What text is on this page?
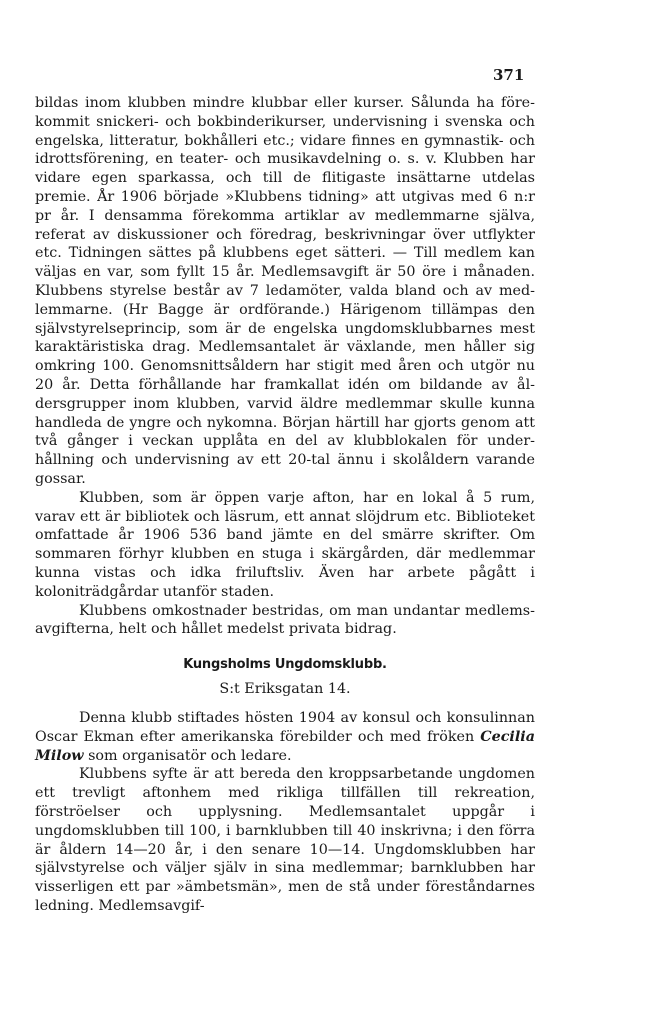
371

bildas inom klubben mindre klubbar eller kurser. Sålunda ha förekommit snickeri- och bokbinderikurser, undervisning i svenska och engelska, litteratur, bokhålleri etc.; vidare finnes en gymnastik- och idrottsförening, en teater- och musikavdelning o. s. v. Klubben har vidare egen sparkassa, och till de flitigaste insättarne utdelas premie. År 1906 började »Klubbens tidning» att utgivas med 6 n:r pr år. I densamma förekomma artiklar av medlemmarne själva, referat av diskussioner och föredrag, beskrivningar över utflykter etc. Tidningen sättes på klubbens eget sätteri. — Till medlem kan väljas en var, som fyllt 15 år. Medlemsavgift är 50 öre i månaden. Klubbens styrelse består av 7 ledamöter, valda bland och av medlemmarne. (Hr Bagge är ordförande.) Härigenom tillämpas den självstyrelseprincip, som är de engelska ungdomsklubbarnes mest karaktäristiska drag. Medlemsantalet är växlande, men håller sig omkring 100. Genomsnittsåldern har stigit med åren och utgör nu 20 år. Detta förhållande har framkallat idén om bildande av åldersgrupper inom klubben, varvid äldre medlemmar skulle kunna handleda de yngre och nykomna. Början härtill har gjorts genom att två gånger i veckan upplåta en del av klubblokalen för underhållning och undervisning av ett 20-tal ännu i skolåldern varande gossar.

Klubben, som är öppen varje afton, har en lokal å 5 rum, varav ett är bibliotek och läsrum, ett annat slöjdrum etc. Biblioteket omfattade år 1906 536 band jämte en del smärre skrifter. Om sommaren förhyr klubben en stuga i skärgården, där medlemmar kunna vistas och idka friluftsliv. Även har arbete pågått i koloniträdgårdar utanför staden.

Klubbens omkostnader bestridas, om man undantar medlemsavgifterna, helt och hållet medelst privata bidrag.

Kungsholms Ungdomsklubb.
S:t Eriksgatan 14.

Denna klubb stiftades hösten 1904 av konsul och konsulinnan Oscar Ekman efter amerikanska förebilder och med fröken Cecilia Milow som organisatör och ledare.

Klubbens syfte är att bereda den kroppsarbetande ungdomen ett trevligt aftonhem med rikliga tillfällen till rekreation, förströelser och upplysning. Medlemsantalet uppgår i ungdomsklubben till 100, i barnklubben till 40 inskrivna; i den förra är åldern 14—20 år, i den senare 10—14. Ungdomsklubben har självstyrelse och väljer själv in sina medlemmar; barnklubben har visserligen ett par »ämbetsmän», men de stå under föreståndarnes ledning. Medlemsavgif-
